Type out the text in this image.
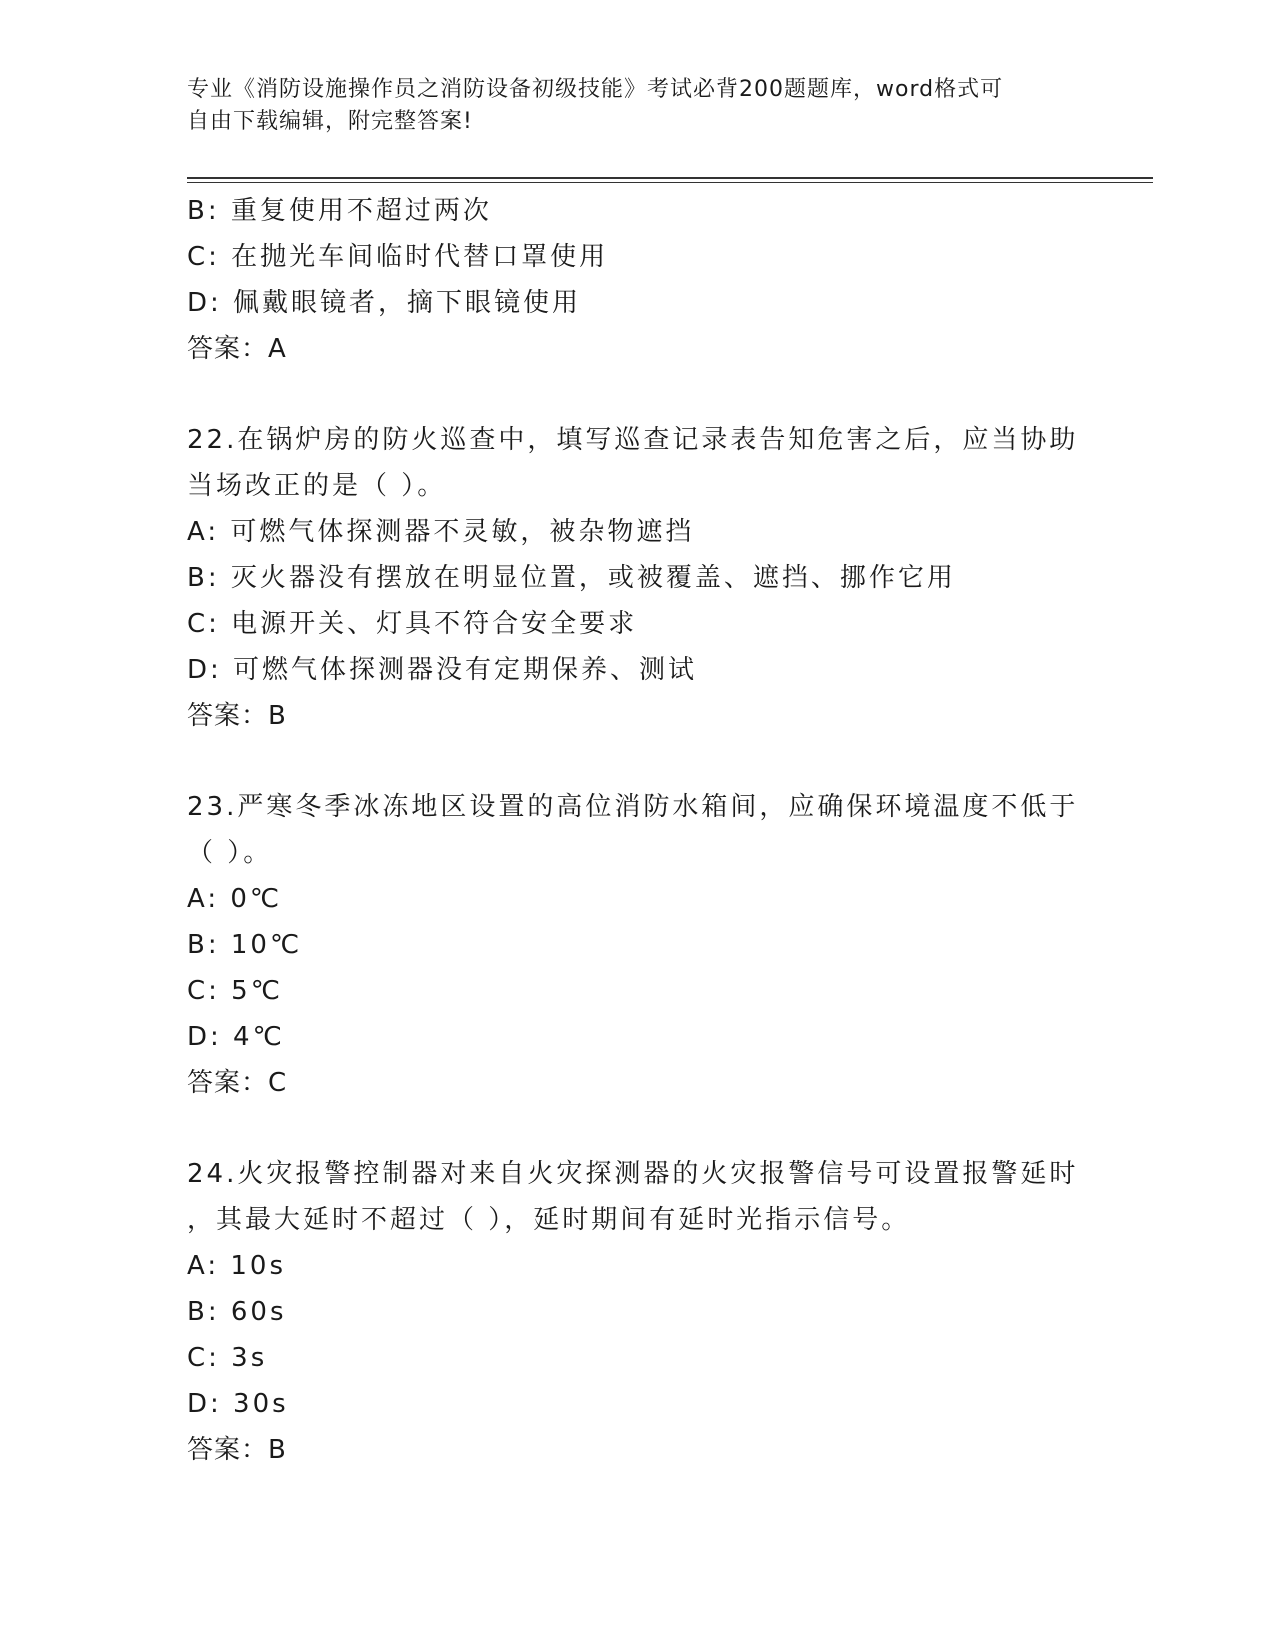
专业《消防设施操作员之消防设备初级技能》考试必背200题题库，word格式可
自由下载编辑，附完整答案!
B: 重复使用不超过两次
C: 在抛光车间临时代替口罩使用
D: 佩戴眼镜者，摘下眼镜使用
答案：A
22.在锅炉房的防火巡查中，填写巡查记录表告知危害之后，应当协助
当场改正的是（ ）。
A: 可燃气体探测器不灵敏，被杂物遮挡
B: 灭火器没有摆放在明显位置，或被覆盖、遮挡、挪作它用
C: 电源开关、灯具不符合安全要求
D: 可燃气体探测器没有定期保养、测试
答案：B
23.严寒冬季冰冻地区设置的高位消防水箱间，应确保环境温度不低于
（ ）。
A: 0℃
B: 10℃
C: 5℃
D: 4℃
答案：C
24.火灾报警控制器对来自火灾探测器的火灾报警信号可设置报警延时
，其最大延时不超过（ ），延时期间有延时光指示信号。
A: 10s
B: 60s
C: 3s
D: 30s
答案：B
